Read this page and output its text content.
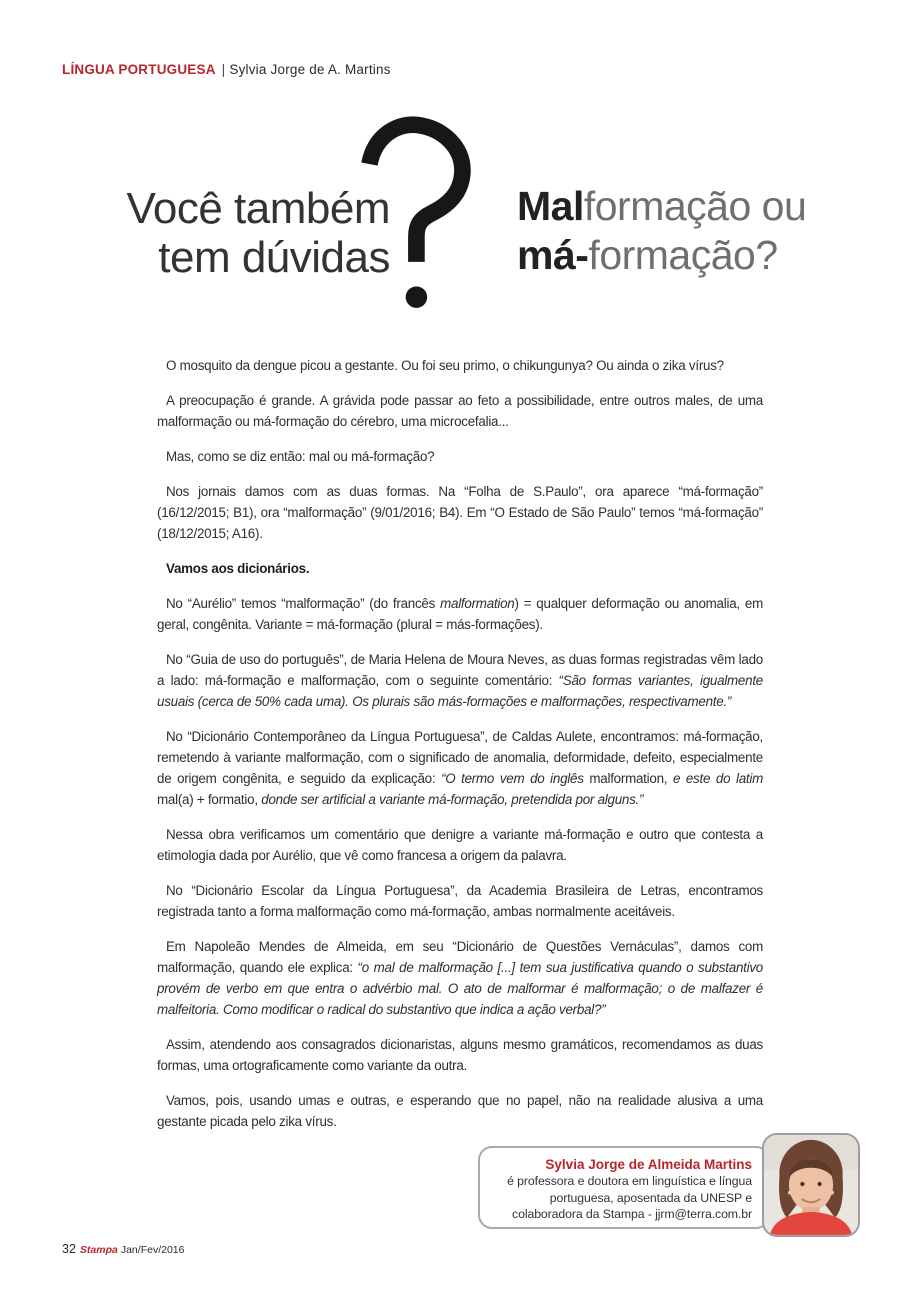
LÍNGUA PORTUGUESA | Sylvia Jorge de A. Martins
Você também
tem dúvidas
Malformação ou
má-formação?

O mosquito da dengue picou a gestante. Ou foi seu primo, o chikungunya? Ou ainda o zika vírus?

A preocupação é grande. A grávida pode passar ao feto a possibilidade, entre outros males, de uma malformação ou má-formação do cérebro, uma microcefalia...

Mas, como se diz então: mal ou má-formação?

Nos jornais damos com as duas formas. Na “Folha de S.Paulo”, ora aparece “má-formação” (16/12/2015; B1), ora “malformação” (9/01/2016; B4). Em “O Estado de São Paulo” temos “má-formação” (18/12/2015; A16).

Vamos aos dicionários.

No “Aurélio” temos “malformação” (do francês malformation) = qualquer deformação ou anomalia, em geral, congênita. Variante = má-formação (plural = más-formações).

No “Guia de uso do português”, de Maria Helena de Moura Neves, as duas formas registradas vêm lado a lado: má-formação e malformação, com o seguinte comentário: “São formas variantes, igualmente usuais (cerca de 50% cada uma). Os plurais são más-formações e malformações, respectivamente.”

No “Dicionário Contemporâneo da Língua Portuguesa”, de Caldas Aulete, encontramos: má-formação, remetendo à variante malformação, com o significado de anomalia, deformidade, defeito, especialmente de origem congênita, e seguido da explicação: “O termo vem do inglês malformation, e este do latim mal(a) + formatio, donde ser artificial a variante má-formação, pretendida por alguns.”

Nessa obra verificamos um comentário que denigre a variante má-formação e outro que contesta a etimologia dada por Aurélio, que vê como francesa a origem da palavra.

No “Dicionário Escolar da Língua Portuguesa”, da Academia Brasileira de Letras, encontramos registrada tanto a forma malformação como má-formação, ambas normalmente aceitáveis.

Em Napoleão Mendes de Almeida, em seu “Dicionário de Questões Vernáculas”, damos com malformação, quando ele explica: “o mal de malformação [...] tem sua justificativa quando o substantivo provém de verbo em que entra o advérbio mal. O ato de malformar é malformação; o de malfazer é malfeitoria. Como modificar o radical do substantivo que indica a ação verbal?”

Assim, atendendo aos consagrados dicionaristas, alguns mesmo gramáticos, recomendamos as duas formas, uma ortograficamente como variante da outra.

Vamos, pois, usando umas e outras, e esperando que no papel, não na realidade alusiva a uma gestante picada pelo zika vírus.

Sylvia Jorge de Almeida Martins
é professora e doutora em linguística e língua portuguesa, aposentada da UNESP e colaboradora da Stampa - jjrm@terra.com.br
32 Stampa Jan/Fev/2016
